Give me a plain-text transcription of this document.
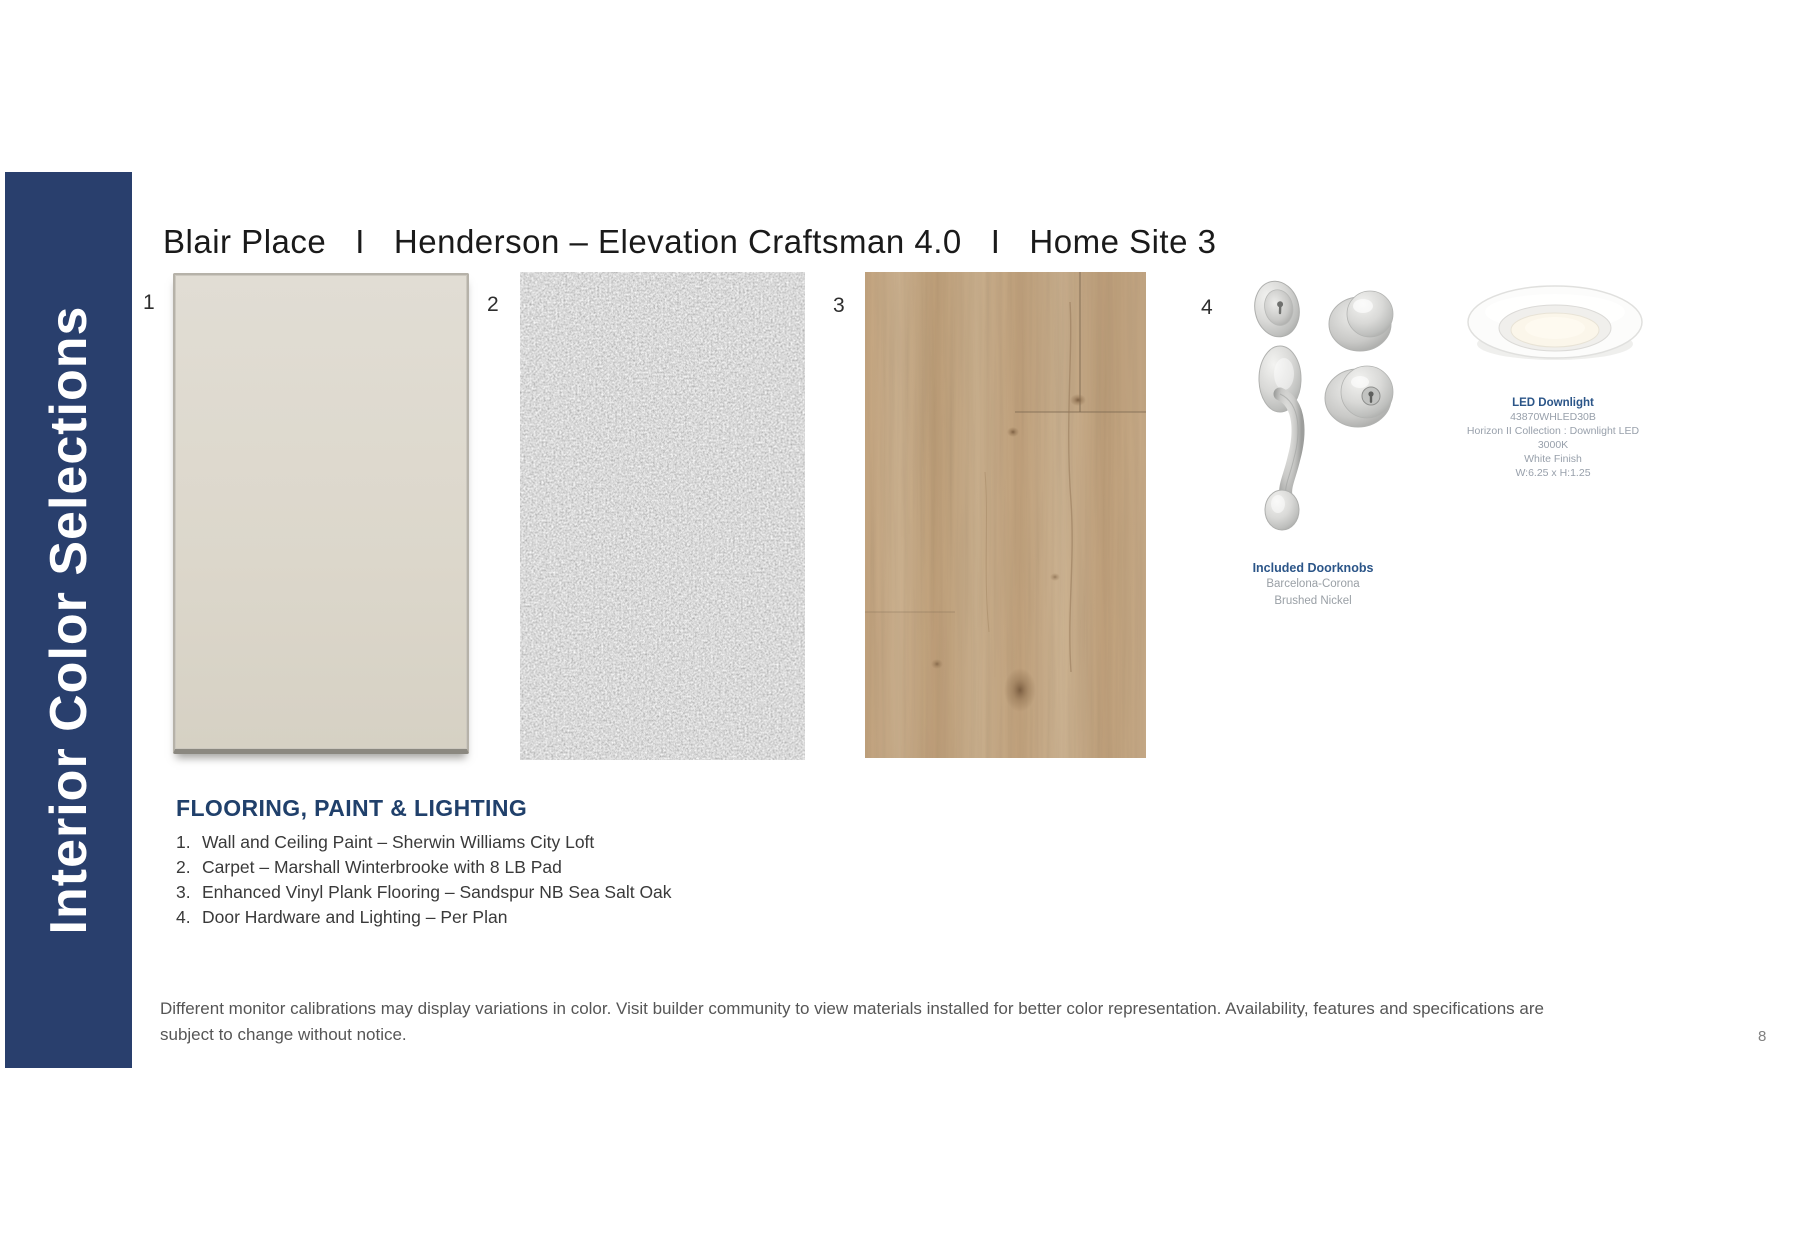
Interior Color Selections
Blair Place   I   Henderson – Elevation Craftsman 4.0   I   Home Site 3
1	2	3	4
LED Downlight
43870WHLED30B
Horizon II Collection : Downlight LED
3000K
White Finish
W:6.25 x H:1.25
Included Doorknobs
Barcelona-Corona
Brushed Nickel
FLOORING, PAINT & LIGHTING
1. Wall and Ceiling Paint – Sherwin Williams City Loft
2. Carpet – Marshall Winterbrooke with 8 LB Pad
3. Enhanced Vinyl Plank Flooring – Sandspur NB Sea Salt Oak
4. Door Hardware and Lighting – Per Plan
Different monitor calibrations may display variations in color. Visit builder community to view materials installed for better color representation. Availability, features and specifications are
subject to change without notice.	8
